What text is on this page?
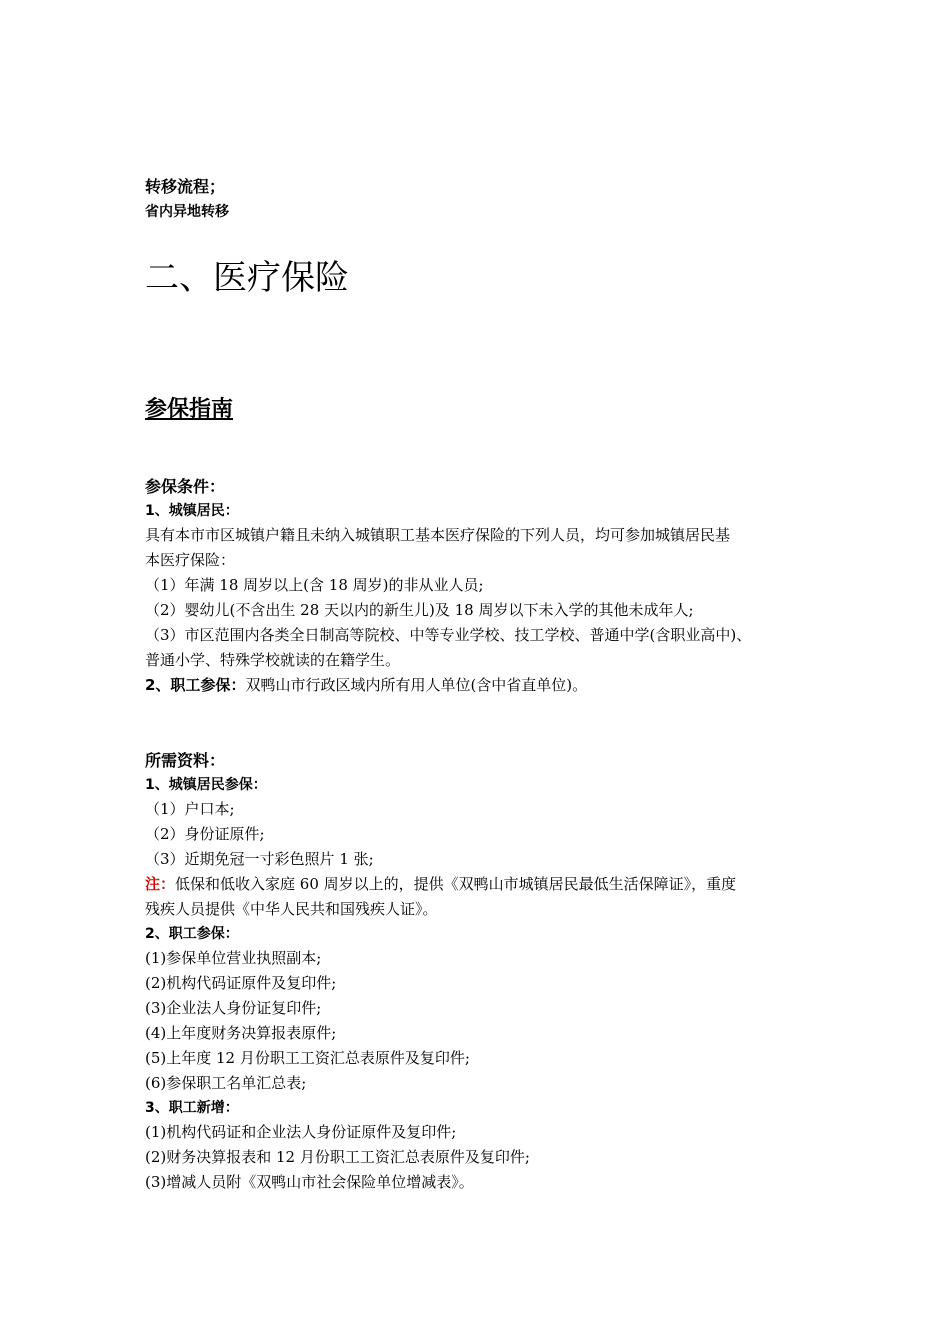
转移流程；
省内异地转移
二、医疗保险
参保指南
参保条件：
1、城镇居民：
具有本市市区城镇户籍且未纳入城镇职工基本医疗保险的下列人员，均可参加城镇居民基
本医疗保险：
（1）年满 18 周岁以上(含 18 周岁)的非从业人员;
（2）婴幼儿(不含出生 28 天以内的新生儿)及 18 周岁以下未入学的其他未成年人;
（3）市区范围内各类全日制高等院校、中等专业学校、技工学校、普通中学(含职业高中)、
普通小学、特殊学校就读的在籍学生。
2、职工参保：双鸭山市行政区域内所有用人单位(含中省直单位)。
所需资料：
1、城镇居民参保：
（1）户口本;
（2）身份证原件;
（3）近期免冠一寸彩色照片 1 张;
注：低保和低收入家庭 60 周岁以上的，提供《双鸭山市城镇居民最低生活保障证》，重度
残疾人员提供《中华人民共和国残疾人证》。
2、职工参保：
(1)参保单位营业执照副本;
(2)机构代码证原件及复印件;
(3)企业法人身份证复印件;
(4)上年度财务决算报表原件;
(5)上年度 12 月份职工工资汇总表原件及复印件;
(6)参保职工名单汇总表;
3、职工新增：
(1)机构代码证和企业法人身份证原件及复印件;
(2)财务决算报表和 12 月份职工工资汇总表原件及复印件;
(3)增减人员附《双鸭山市社会保险单位增减表》。
